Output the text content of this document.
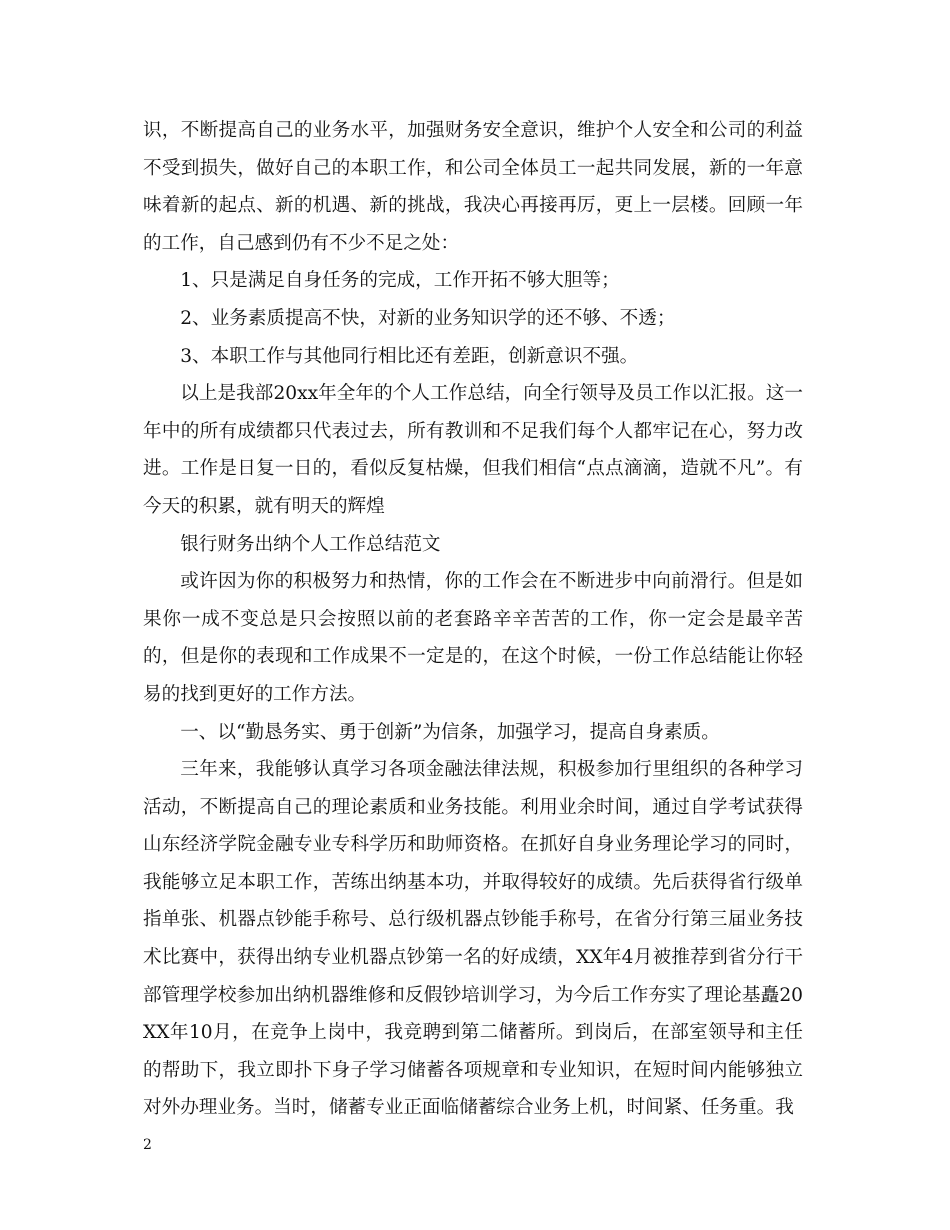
识，不断提高自己的业务水平，加强财务安全意识，维护个人安全和公司的利益不受到损失，做好自己的本职工作，和公司全体员工一起共同发展，新的一年意味着新的起点、新的机遇、新的挑战，我决心再接再厉，更上一层楼。回顾一年的工作，自己感到仍有不少不足之处：

1、只是满足自身任务的完成，工作开拓不够大胆等；

2、业务素质提高不快，对新的业务知识学的还不够、不透；

3、本职工作与其他同行相比还有差距，创新意识不强。

以上是我部20xx年全年的个人工作总结，向全行领导及员工作以汇报。这一年中的所有成绩都只代表过去，所有教训和不足我们每个人都牢记在心，努力改进。工作是日复一日的，看似反复枯燥，但我们相信“点点滴滴，造就不凡”。有今天的积累，就有明天的辉煌

银行财务出纳个人工作总结范文

或许因为你的积极努力和热情，你的工作会在不断进步中向前滑行。但是如果你一成不变总是只会按照以前的老套路辛辛苦苦的工作，你一定会是最辛苦的，但是你的表现和工作成果不一定是的，在这个时候，一份工作总结能让你轻易的找到更好的工作方法。

一、以“勤恳务实、勇于创新”为信条，加强学习，提高自身素质。

三年来，我能够认真学习各项金融法律法规，积极参加行里组织的各种学习活动，不断提高自己的理论素质和业务技能。利用业余时间，通过自学考试获得山东经济学院金融专业专科学历和助师资格。在抓好自身业务理论学习的同时，我能够立足本职工作，苦练出纳基本功，并取得较好的成绩。先后获得省行级单指单张、机器点钞能手称号、总行级机器点钞能手称号，在省分行第三届业务技术比赛中，获得出纳专业机器点钞第一名的好成绩，XX年4月被推荐到省分行干部管理学校参加出纳机器维修和反假钞培训学习，为今后工作夯实了理论基矗20XX年10月，在竞争上岗中，我竞聘到第二储蓄所。到岗后，在部室领导和主任的帮助下，我立即扑下身子学习储蓄各项规章和专业知识，在短时间内能够独立对外办理业务。当时，储蓄专业正面临储蓄综合业务上机，时间紧、任务重。我

2
